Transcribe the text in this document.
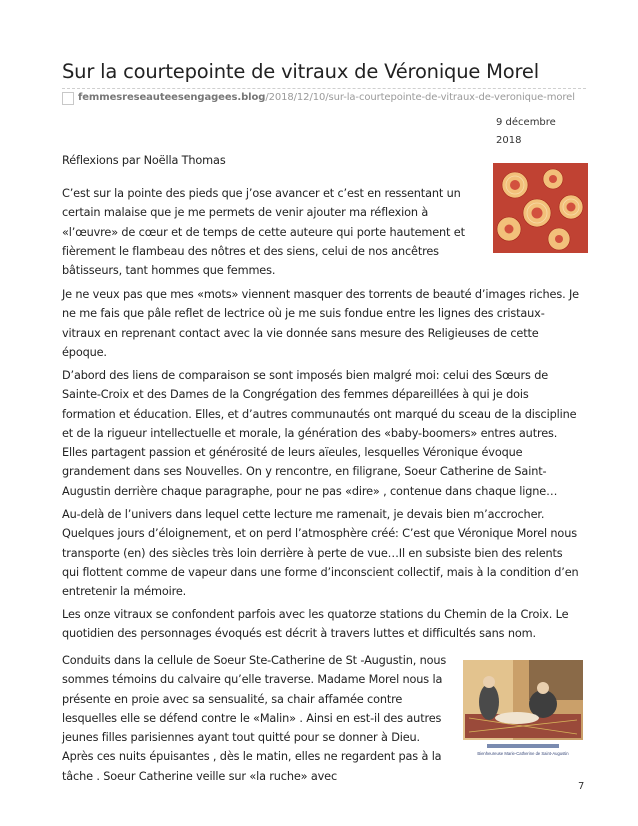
Sur la courtepointe de vitraux de Véronique Morel
femmesreseauteesengagees.blog/2018/12/10/sur-la-courtepointe-de-vitraux-de-veronique-morel
9 décembre
2018
Réflexions par Noëlla Thomas
C’est sur la pointe des pieds que j’ose avancer et c’est en ressentant un certain malaise que je me permets de venir ajouter ma réflexion à «l’œuvre» de cœur et de temps de cette auteure qui porte hautement et fièrement le flambeau des nôtres et des siens, celui de nos ancêtres bâtisseurs, tant hommes que femmes.
Je ne veux pas que mes «mots» viennent masquer des torrents de beauté d’images riches. Je ne me fais que pâle reflet de lectrice où je me suis fondue entre les lignes des cristaux-vitraux en reprenant contact avec la vie donnée sans mesure des Religieuses de cette époque.
D’abord des liens de comparaison se sont imposés bien malgré moi: celui des Sœurs de Sainte-Croix et des Dames de la Congrégation des femmes dépareillées à qui je dois formation et éducation. Elles, et d’autres communautés ont marqué du sceau de la discipline et de la rigueur intellectuelle et morale, la génération des «baby-boomers» entres autres. Elles partagent passion et générosité de leurs aïeules, lesquelles Véronique évoque grandement dans ses Nouvelles. On y rencontre, en filigrane, Soeur Catherine de Saint-Augustin derrière chaque paragraphe, pour ne pas «dire» , contenue dans chaque ligne…
Au-delà de l’univers dans lequel cette lecture me ramenait, je devais bien m’accrocher. Quelques jours d’éloignement, et on perd l’atmosphère créé: C’est que Véronique Morel nous transporte (en) des siècles très loin derrière à perte de vue…Il en subsiste bien des relents qui flottent comme de vapeur dans une forme d’inconscient collectif, mais à la condition d’en entretenir la mémoire.
Les onze vitraux se confondent parfois avec les quatorze stations du Chemin de la Croix. Le quotidien des personnages évoqués est décrit à travers luttes et difficultés sans nom.
Conduits dans la cellule de Soeur Ste-Catherine de St -Augustin, nous sommes témoins du calvaire qu’elle traverse. Madame Morel nous la présente en proie avec sa sensualité, sa chair affamée contre lesquelles elle se défend contre le «Malin» . Ainsi en est-il des autres jeunes filles parisiennes ayant tout quitté pour se donner à Dieu. Après ces nuits épuisantes , dès le matin, elles ne regardent pas à la tâche . Soeur Catherine veille sur «la ruche» avec
Bienheureuse Marie-Catherine de Saint-Augustin
7
